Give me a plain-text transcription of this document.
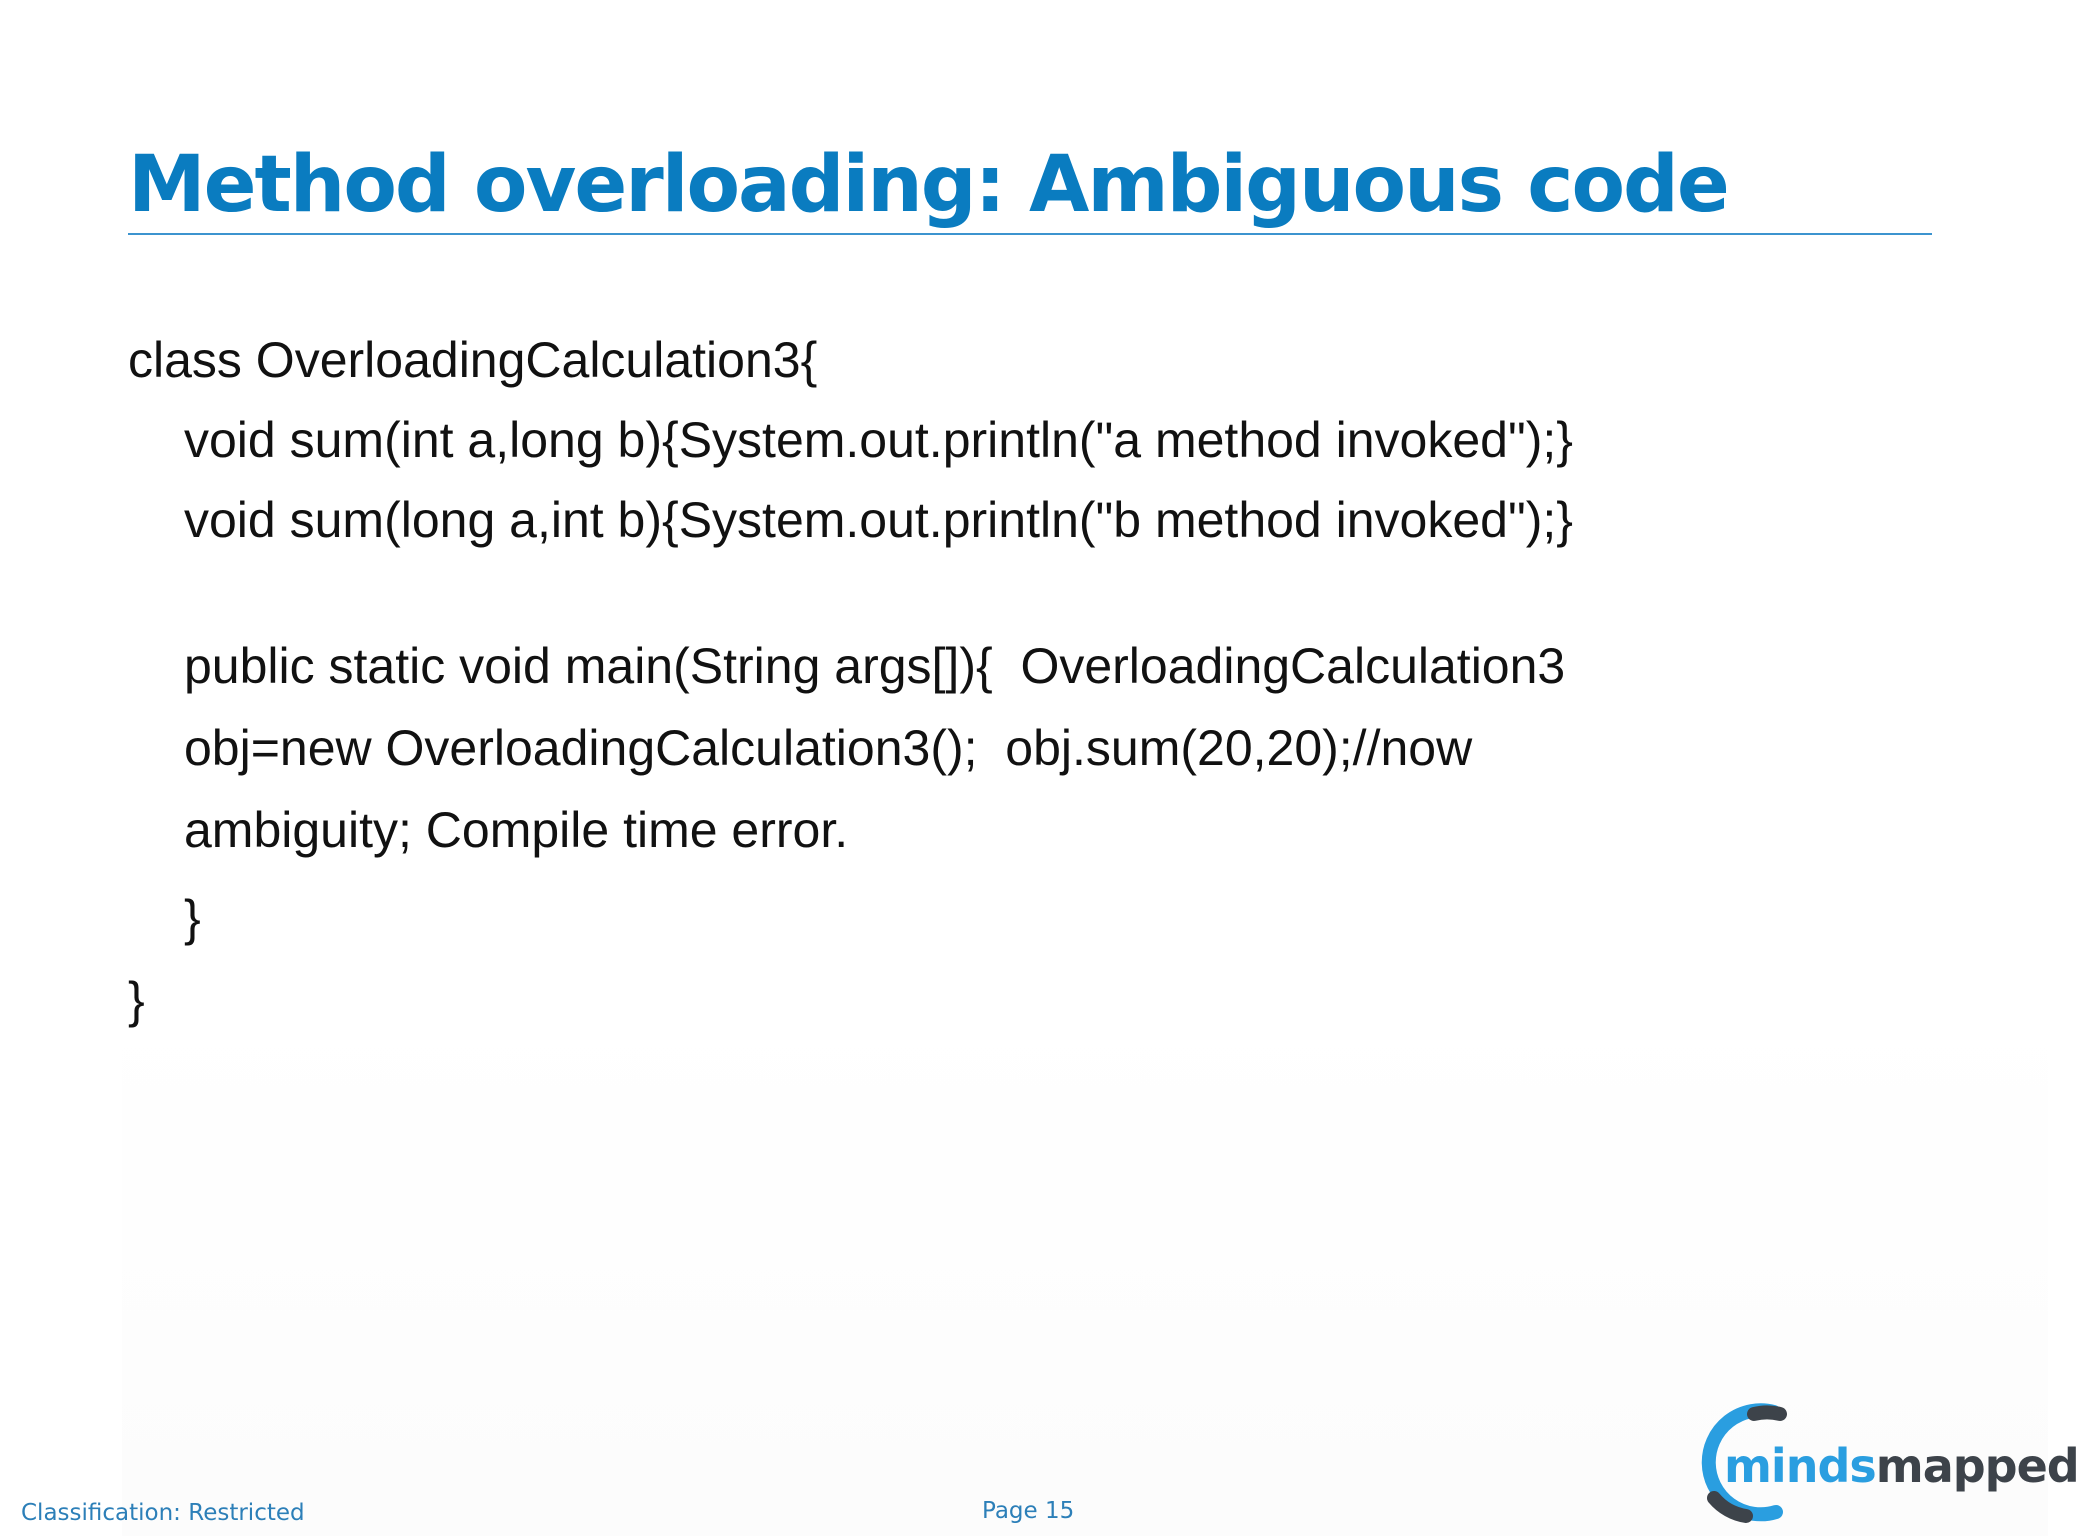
Method overloading: Ambiguous code
class OverloadingCalculation3{
void sum(int a,long b){System.out.println("a method invoked");}
void sum(long a,int b){System.out.println("b method invoked");}
public static void main(String args[]){  OverloadingCalculation3
obj=new OverloadingCalculation3();  obj.sum(20,20);//now
ambiguity; Compile time error.
}
}
Classification: Restricted	Page 15
mindsmapped
